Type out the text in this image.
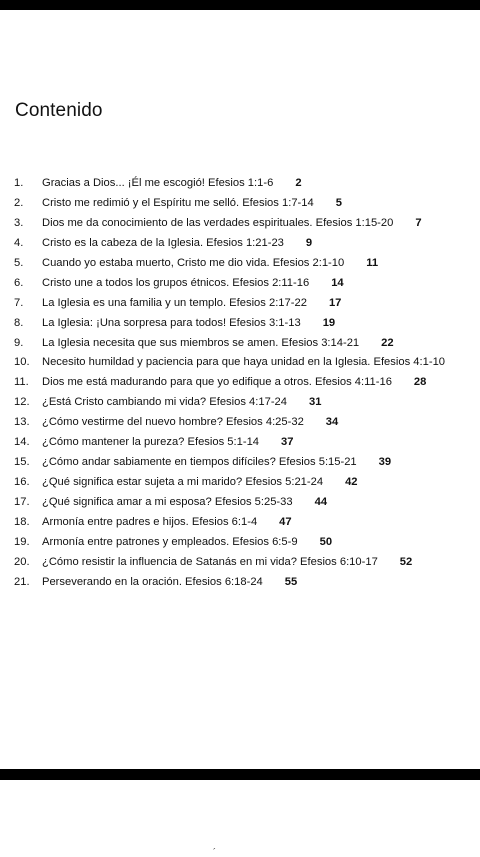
Contenido
1. Gracias a Dios... ¡Él me escogió! Efesios 1:1-6 2
2. Cristo me redimió y el Espíritu me selló. Efesios 1:7-14 5
3. Dios me da conocimiento de las verdades espirituales. Efesios 1:15-20 7
4. Cristo es la cabeza de la Iglesia. Efesios 1:21-23 9
5. Cuando yo estaba muerto, Cristo me dio vida. Efesios 2:1-10 11
6. Cristo une a todos los grupos étnicos. Efesios 2:11-16 14
7. La Iglesia es una familia y un templo. Efesios 2:17-22 17
8. La Iglesia: ¡Una sorpresa para todos! Efesios 3:1-13 19
9. La Iglesia necesita que sus miembros se amen. Efesios 3:14-21 22
10. Necesito humildad y paciencia para que haya unidad en la Iglesia. Efesios 4:1-10
11. Dios me está madurando para que yo edifique a otros. Efesios 4:11-16 28
12. ¿Está Cristo cambiando mi vida? Efesios 4:17-24 31
13. ¿Cómo vestirme del nuevo hombre? Efesios 4:25-32 34
14. ¿Cómo mantener la pureza? Efesios 5:1-14 37
15. ¿Cómo andar sabiamente en tiempos difíciles? Efesios 5:15-21 39
16. ¿Qué significa estar sujeta a mi marido? Efesios 5:21-24 42
17. ¿Qué significa amar a mi esposa? Efesios 5:25-33 44
18. Armonía entre padres e hijos. Efesios 6:1-4 47
19. Armonía entre patrones y empleados. Efesios 6:5-9 50
20. ¿Cómo resistir la influencia de Satanás en mi vida? Efesios 6:10-17 52
21. Perseverando en la oración. Efesios 6:18-24 55
´
